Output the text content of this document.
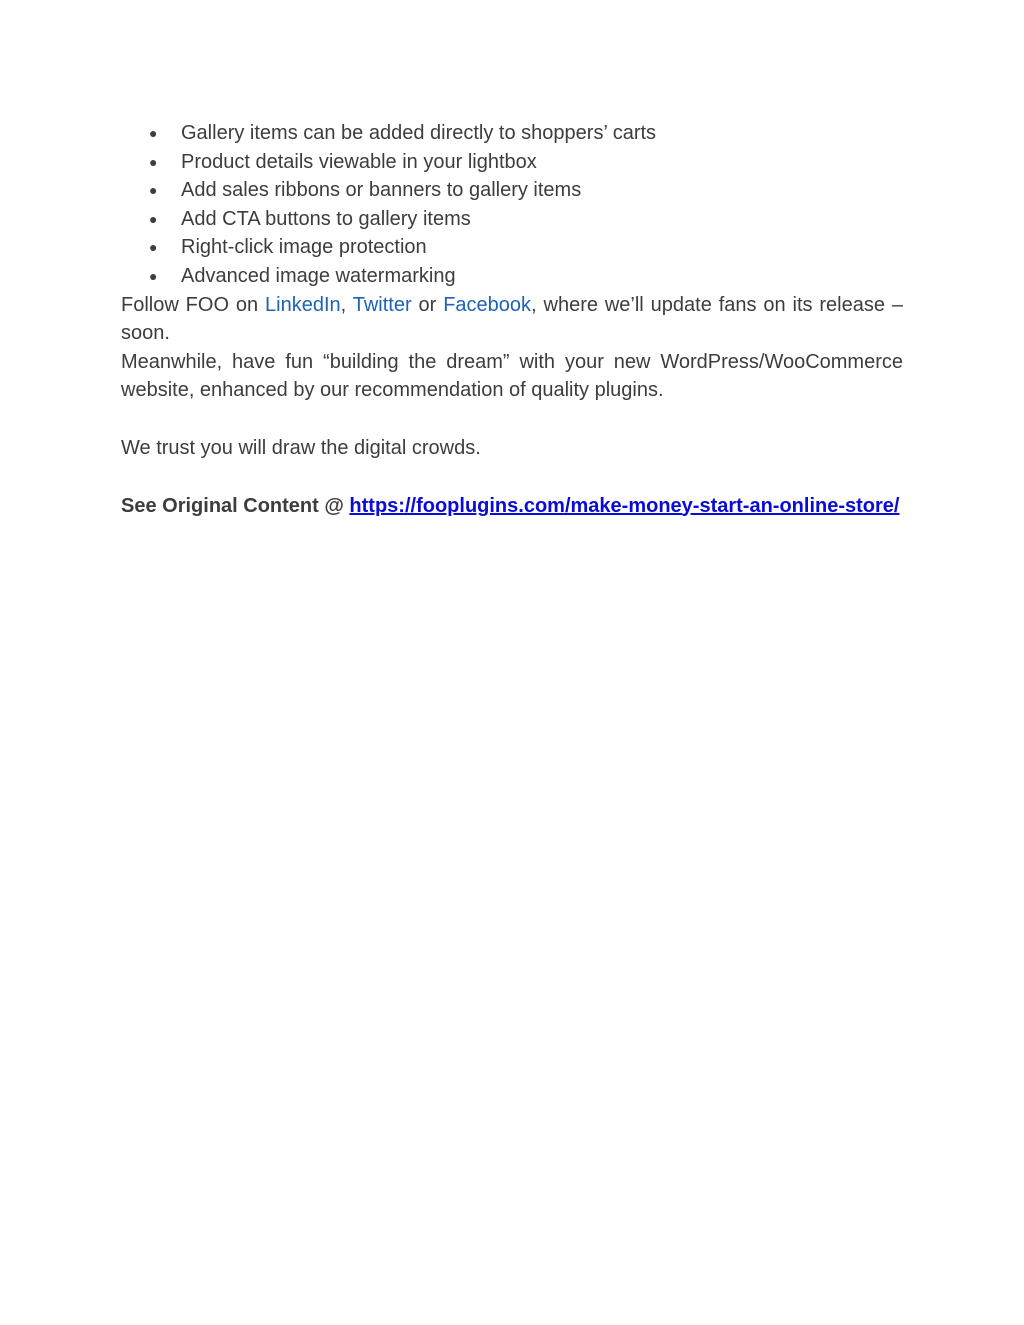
● Gallery items can be added directly to shoppers’ carts
● Product details viewable in your lightbox
● Add sales ribbons or banners to gallery items
● Add CTA buttons to gallery items
● Right-click image protection
● Advanced image watermarking

Follow FOO on LinkedIn, Twitter or Facebook, where we’ll update fans on its release – soon.

Meanwhile, have fun “building the dream” with your new WordPress/WooCommerce website, enhanced by our recommendation of quality plugins.

We trust you will draw the digital crowds.

See Original Content @ https://fooplugins.com/make-money-start-an-online-store/
